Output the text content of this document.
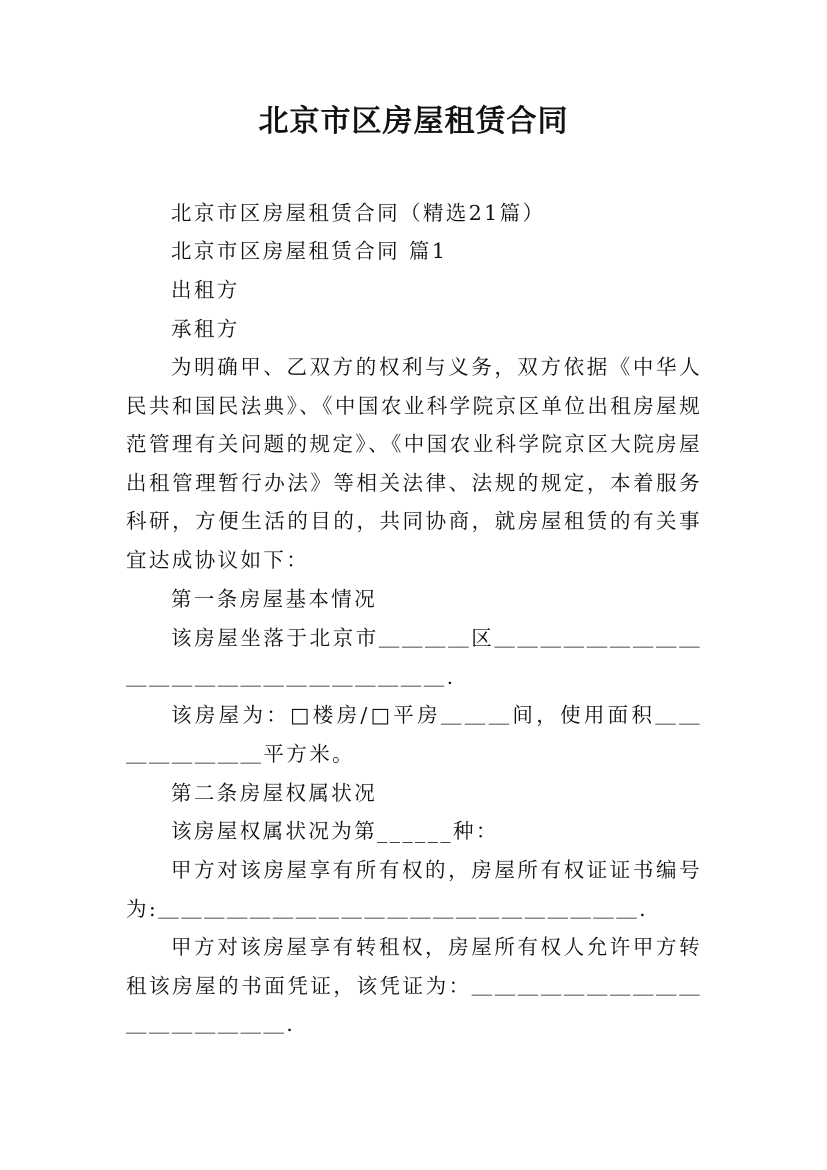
北京市区房屋租赁合同
北京市区房屋租赁合同（精选21篇）
北京市区房屋租赁合同 篇1
出租方
承租方
为明确甲、乙双方的权利与义务，双方依据《中华人民共和国民法典》、《中国农业科学院京区单位出租房屋规范管理有关问题的规定》、《中国农业科学院京区大院房屋出租管理暂行办法》等相关法律、法规的规定，本着服务科研，方便生活的目的，共同协商，就房屋租赁的有关事宜达成协议如下：
第一条房屋基本情况
该房屋坐落于北京市＿＿＿＿区＿＿＿＿＿＿＿＿＿＿＿＿＿＿＿＿＿＿＿＿＿＿＿.
该房屋为：□楼房/□平房＿＿＿间，使用面积＿＿＿＿＿＿＿＿平方米。
第二条房屋权属状况
该房屋权属状况为第______种：
甲方对该房屋享有所有权的，房屋所有权证证书编号为:＿＿＿＿＿＿＿＿＿＿＿＿＿＿＿＿＿＿＿＿＿.
甲方对该房屋享有转租权，房屋所有权人允许甲方转租该房屋的书面凭证，该凭证为：＿＿＿＿＿＿＿＿＿＿＿＿＿＿＿＿＿.
